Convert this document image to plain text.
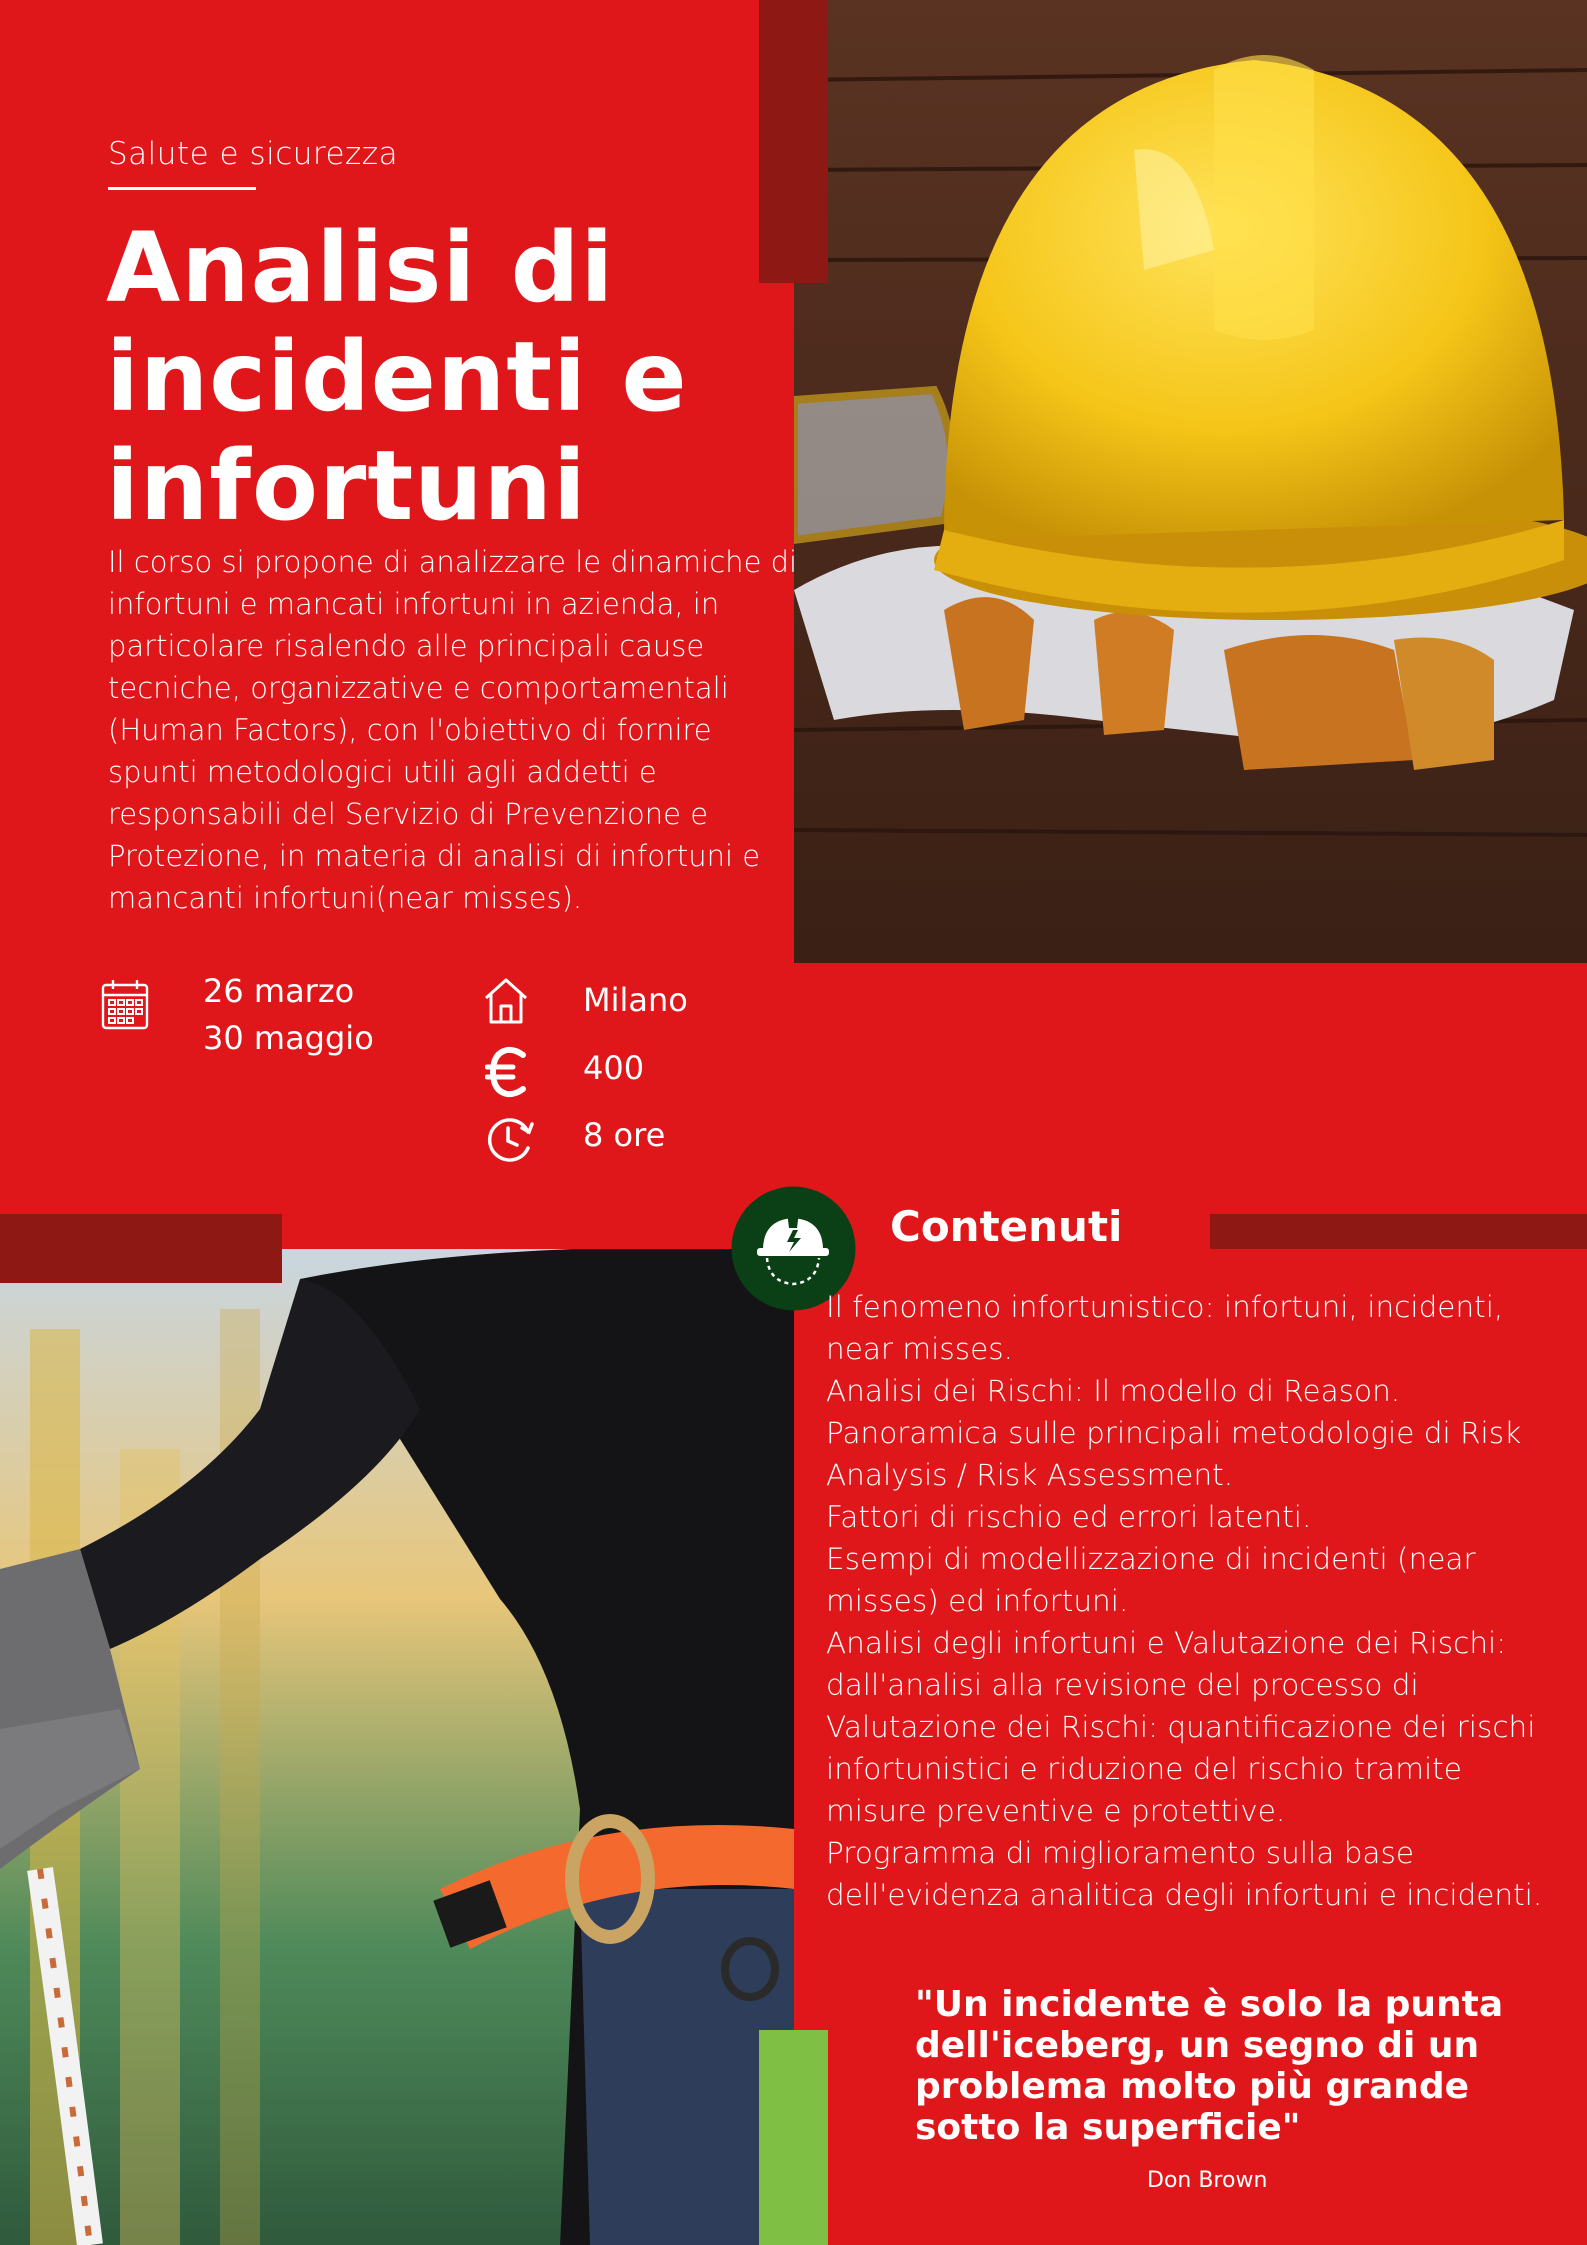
Salute e sicurezza
Analisi di incidenti e infortuni

Il corso si propone di analizzare le dinamiche di infortuni e mancati infortuni in azienda, in particolare risalendo alle principali cause tecniche, organizzative e comportamentali (Human Factors), con l'obiettivo di fornire spunti metodologici utili agli addetti e responsabili del Servizio di Prevenzione e Protezione, in materia di analisi di infortuni e mancanti infortuni(near misses).

26 marzo
30 maggio
Milano
400
8 ore
Contenuti
Il fenomeno infortunistico: infortuni, incidenti, near misses.
Analisi dei Rischi: Il modello di Reason.
Panoramica sulle principali metodologie di Risk Analysis / Risk Assessment.
Fattori di rischio ed errori latenti.
Esempi di modellizzazione di incidenti (near misses) ed infortuni.
Analisi degli infortuni e Valutazione dei Rischi: dall'analisi alla revisione del processo di Valutazione dei Rischi: quantificazione dei rischi infortunistici e riduzione del rischio tramite misure preventive e protettive.
Programma di miglioramento sulla base dell'evidenza analitica degli infortuni e incidenti.

"Un incidente è solo la punta dell'iceberg, un segno di un problema molto più grande sotto la superficie"

Don Brown
